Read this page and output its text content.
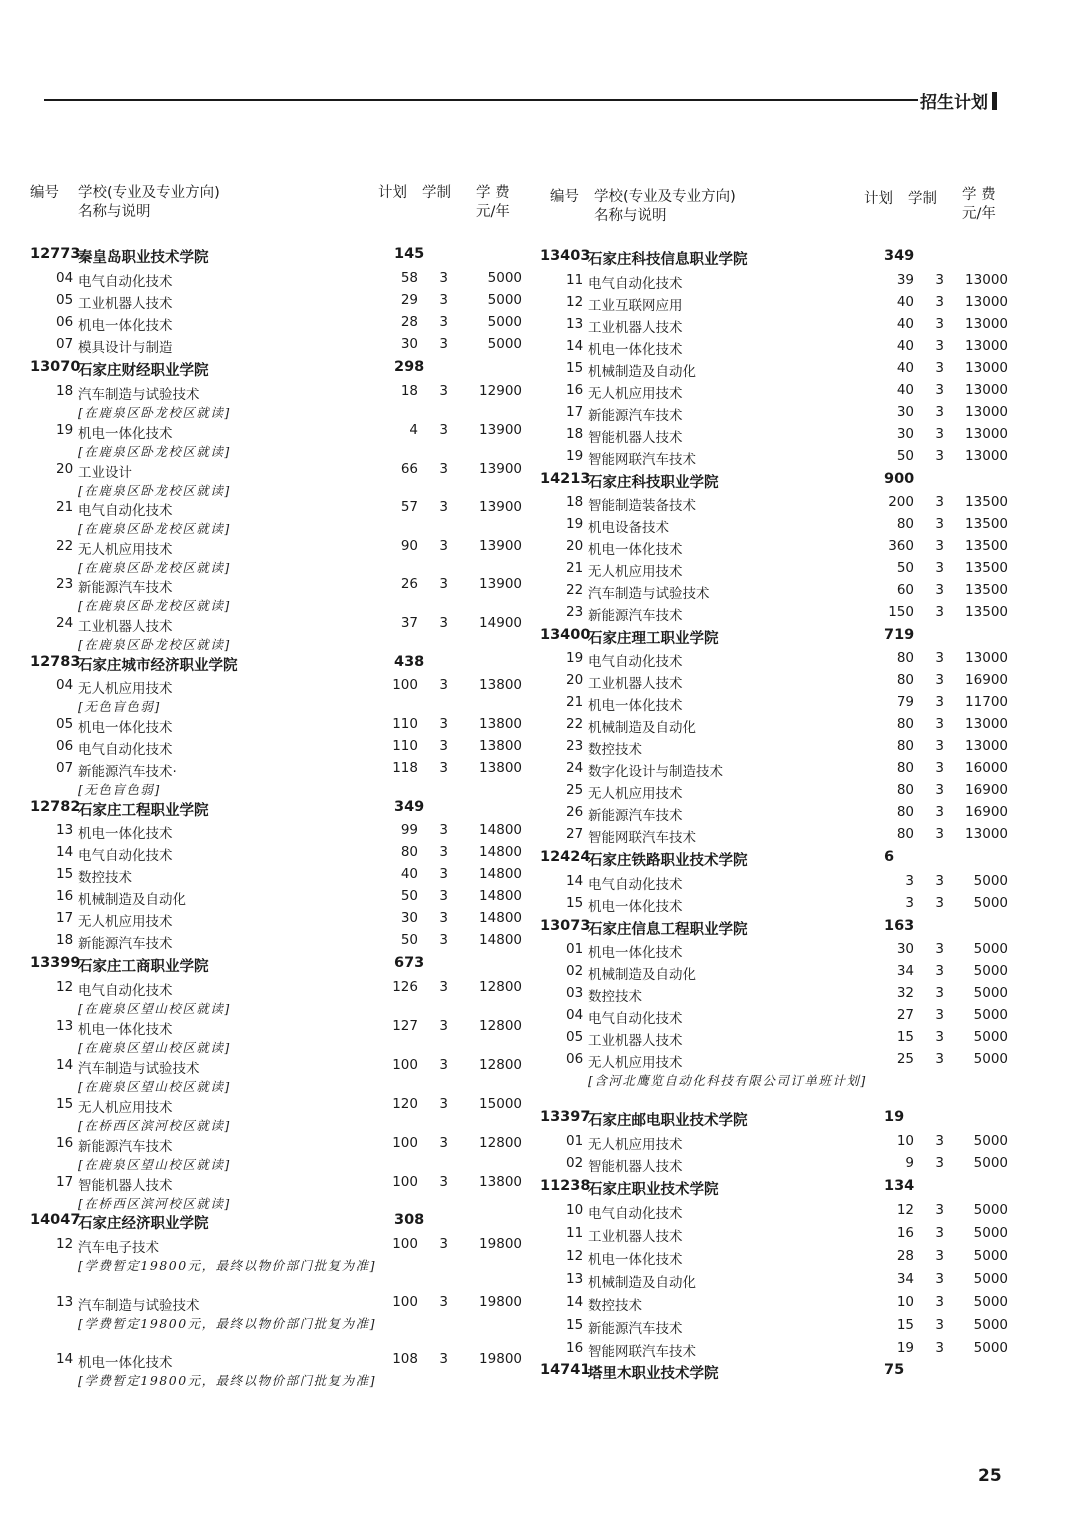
招生计划
编号 学校(专业及专业方向)
名称与说明
计划 学制 学 费
元/年
12773
秦皇岛职业技术学院	145
04 电气自动化技术	58	3	5000
05 工业机器人技术	29	3	5000
06 机电一体化技术	28	3	5000
07 模具设计与制造	30	3	5000
13070
石家庄财经职业学院	298
18 汽车制造与试验技术	18	3	12900
[在鹿泉区卧龙校区就读]
19 机电一体化技术	4	3	13900
[在鹿泉区卧龙校区就读]
20 工业设计	66	3	13900
[在鹿泉区卧龙校区就读]
21 电气自动化技术	57	3	13900
[在鹿泉区卧龙校区就读]
22 无人机应用技术	90	3	13900
[在鹿泉区卧龙校区就读]
23 新能源汽车技术	26	3	13900
[在鹿泉区卧龙校区就读]
24 工业机器人技术	37	3	14900
[在鹿泉区卧龙校区就读]
12783
石家庄城市经济职业学院	438
04 无人机应用技术	100	3	13800
[无色盲色弱]
05 机电一体化技术	110	3	13800
06 电气自动化技术	110	3	13800
07 新能源汽车技术·	118	3	13800
[无色盲色弱]
12782
石家庄工程职业学院	349
13 机电一体化技术	99	3	14800
14 电气自动化技术	80	3	14800
15 数控技术	40	3	14800
16 机械制造及自动化	50	3	14800
17 无人机应用技术	30	3	14800
18 新能源汽车技术	50	3	14800
13399
石家庄工商职业学院	673
12 电气自动化技术	126	3	12800
[在鹿泉区望山校区就读]
13 机电一体化技术	127	3	12800
[在鹿泉区望山校区就读]
14 汽车制造与试验技术	100	3	12800
[在鹿泉区望山校区就读]
15 无人机应用技术	120	3	15000
[在桥西区滨河校区就读]
16 新能源汽车技术	100	3	12800
[在鹿泉区望山校区就读]
17 智能机器人技术	100	3	13800
[在桥西区滨河校区就读]
14047
石家庄经济职业学院	308
12 汽车电子技术	100	3	19800
[学费暂定19800元，最终以物价部门批复为准]
13 汽车制造与试验技术	100	3	19800
[学费暂定19800元，最终以物价部门批复为准]
14 机电一体化技术	108	3	19800
[学费暂定19800元，最终以物价部门批复为准]
编号 学校(专业及专业方向)
名称与说明
计划 学制 学 费
元/年
13403
石家庄科技信息职业学院	349
11 电气自动化技术	39	3	13000
12 工业互联网应用	40	3	13000
13 工业机器人技术	40	3	13000
14 机电一体化技术	40	3	13000
15 机械制造及自动化	40	3	13000
16 无人机应用技术	40	3	13000
17 新能源汽车技术	30	3	13000
18 智能机器人技术	30	3	13000
19 智能网联汽车技术	50	3	13000
14213
石家庄科技职业学院	900
18 智能制造装备技术	200	3	13500
19 机电设备技术	80	3	13500
20 机电一体化技术	360	3	13500
21 无人机应用技术	50	3	13500
22 汽车制造与试验技术	60	3	13500
23 新能源汽车技术	150	3	13500
13400
石家庄理工职业学院	719
19 电气自动化技术	80	3	13000
20 工业机器人技术	80	3	16900
21 机电一体化技术	79	3	11700
22 机械制造及自动化	80	3	13000
23 数控技术	80	3	13000
24 数字化设计与制造技术	80	3	16000
25 无人机应用技术	80	3	16900
26 新能源汽车技术	80	3	16900
27 智能网联汽车技术	80	3	13000
12424
石家庄铁路职业技术学院	6
14 电气自动化技术	3	3	5000
15 机电一体化技术	3	3	5000
13073
石家庄信息工程职业学院	163
01 机电一体化技术	30	3	5000
02 机械制造及自动化	34	3	5000
03 数控技术	32	3	5000
04 电气自动化技术	27	3	5000
05 工业机器人技术	15	3	5000
06 无人机应用技术	25	3	5000
[含河北鹰览自动化科技有限公司订单班计划]
13397
石家庄邮电职业技术学院	19
01 无人机应用技术	10	3	5000
02 智能机器人技术	9	3	5000
11238
石家庄职业技术学院	134
10 电气自动化技术	12	3	5000
11 工业机器人技术	16	3	5000
12 机电一体化技术	28	3	5000
13 机械制造及自动化	34	3	5000
14 数控技术	10	3	5000
15 新能源汽车技术	15	3	5000
16 智能网联汽车技术	19	3	5000
14741
塔里木职业技术学院	75
25
